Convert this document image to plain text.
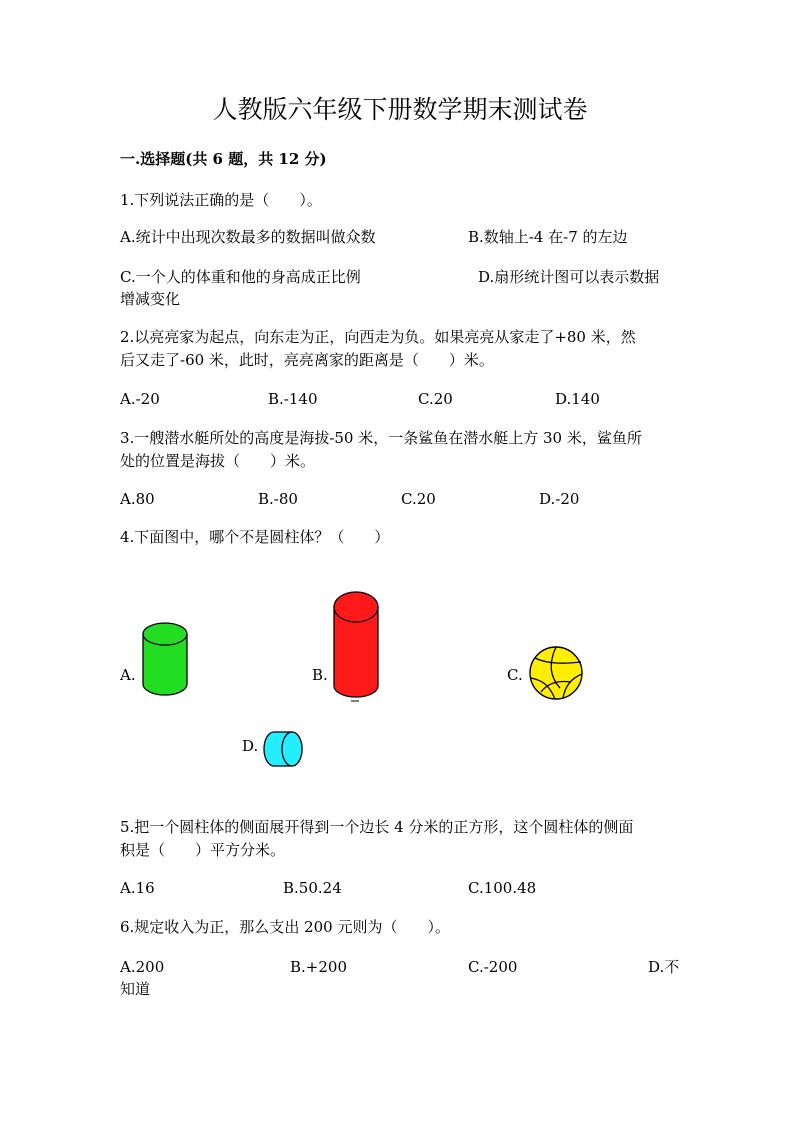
人教版六年级下册数学期末测试卷
一.选择题(共 6 题，共 12 分)
1.下列说法正确的是（　　）。
A.统计中出现次数最多的数据叫做众数	B.数轴上-4 在-7 的左边
C.一个人的体重和他的身高成正比例	D.扇形统计图可以表示数据
增减变化
2.以亮亮家为起点，向东走为正，向西走为负。如果亮亮从家走了+80 米，然
后又走了-60 米，此时，亮亮离家的距离是（　　）米。
A.-20	B.-140	C.20	D.140
3.一艘潜水艇所处的高度是海拔-50 米，一条鲨鱼在潜水艇上方 30 米，鲨鱼所
处的位置是海拔（　　）米。
A.80	B.-80	C.20	D.-20
4.下面图中，哪个不是圆柱体？（　　）
A.	B.	C.
D.
5.把一个圆柱体的侧面展开得到一个边长 4 分米的正方形，这个圆柱体的侧面
积是（　　）平方分米。
A.16	B.50.24	C.100.48
6.规定收入为正，那么支出 200 元则为（　　）。
A.200	B.+200	C.-200	D.不
知道
